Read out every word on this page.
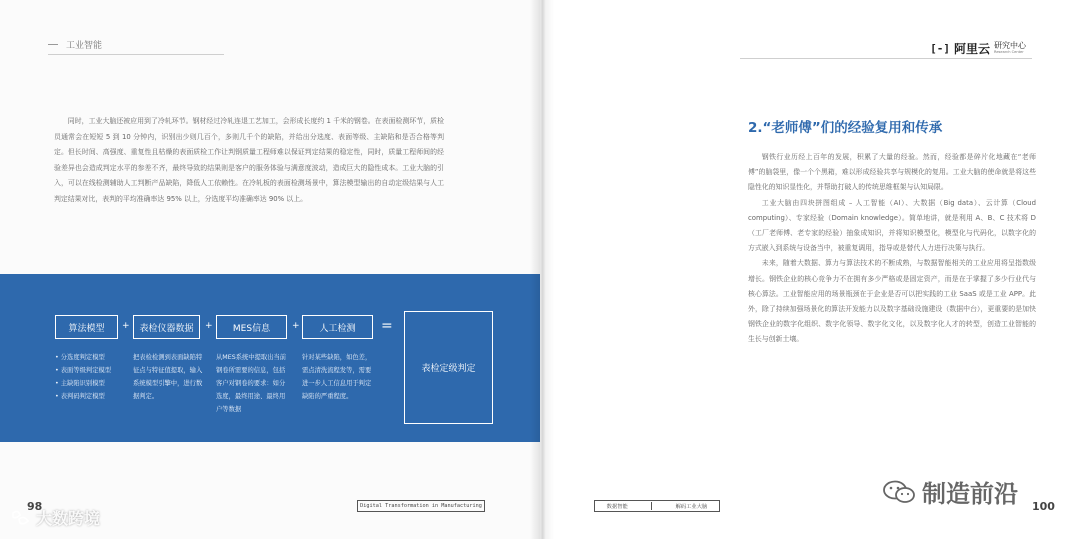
工业智能

同时，工业大脑还被应用到了冷轧环节。钢材经过冷轧连退工艺加工，会形成长度约 1 千米的钢卷。在表面检测环节，质检员通常会在短短 5 到 10 分钟内，识别出少则几百个，多则几千个的缺陷，并给出分选度、表面等级、主缺陷和是否合格等判定。但长时间、高强度、重复性且枯燥的表面质检工作让判钢质量工程师难以保证判定结果的稳定性，同时，质量工程师间的经验差异也会造成判定水平的参差不齐，最终导致的结果则是客户的服务体验与满意度波动，造成巨大的隐性成本。工业大脑的引入，可以在线检测辅助人工判断产品缺陷，降低人工依赖性。在冷轧板的表面检测场景中，算法模型输出的自动定级结果与人工判定结果对比，表判的平均准确率达 95% 以上，分选度平均准确率达 90% 以上。

算法模型 + 表检仪器数据 + MES信息 + 人工检测 =
• 分选度判定模型
• 表面等级判定模型
• 主缺陷识别模型
• 表判码判定模型
把表检检测到表面缺陷特征点与特征值提取，输入系统模型引擎中，进行数据判定。
从MES系统中提取出当前钢卷所需要的信息，包括客户对钢卷的要求：如分选度，最终用途、最终用户等数据
针对某些缺陷，如色差，需点清洗流程发等，需要进一步人工信息用于判定缺陷的严重程度。
表检定级判定
98	Digital Transformation in Manufacturing
[-] 阿里云 研究中心
Research Center
2.“老师傅”们的经验复用和传承

钢铁行业历经上百年的发展，积累了大量的经验。然而，经验都是碎片化地藏在“老师傅”的脑袋里，像一个个黑箱，难以形成经验共享与规模化的复用。工业大脑的使命就是将这些隐性化的知识显性化，并帮助打破人的传统思维框架与认知局限。

工业大脑由四块拼图组成 – 人工智能（AI）、大数据（Big data）、云计算（Cloud computing）、专家经验（Domain knowledge）。简单地讲，就是利用 A、B、C 技术将 D（工厂老师傅、老专家的经验）抽象成知识，并将知识模型化，模型化与代码化，以数字化的方式嵌入到系统与设备当中，被重复调用，指导或是替代人力进行决策与执行。

未来，随着大数据、算力与算法技术的不断成熟，与数据智能相关的工业应用将呈指数级增长。钢铁企业的核心竞争力不在拥有多少严格或是固定资产，而是在于掌握了多少行业代与核心算法。工业智能应用的场景瓶颈在于企业是否可以把实践的工业 SaaS 或是工业 APP。此外，除了持续加强场景化的算法开发能力以及数字基础设施建设（数据中台），更重要的是加快钢铁企业的数字化组织、数字化领导、数字化文化，以及数字化人才的转型，创造工业智能的生长与创新土壤。

数据智能	解码工业大脑	100
大数跨境
制造前沿
